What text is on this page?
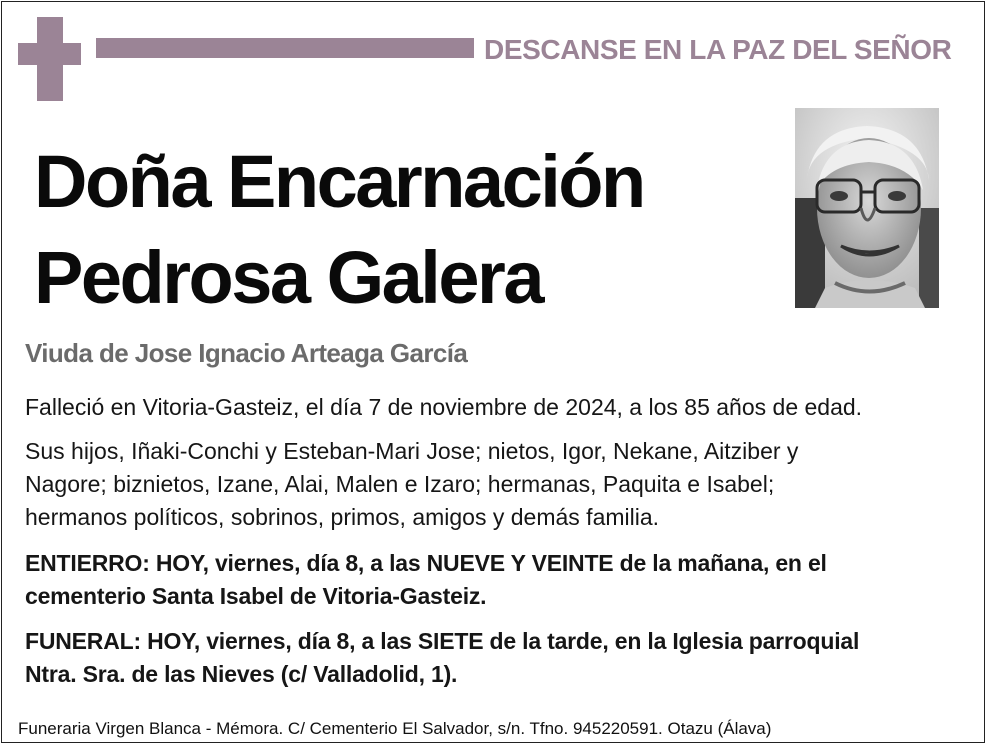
DESCANSE EN LA PAZ DEL SEÑOR
Doña Encarnación
Pedrosa Galera
Viuda de Jose Ignacio Arteaga García
Falleció en Vitoria-Gasteiz, el día 7 de noviembre de 2024, a los 85 años de edad.
Sus hijos, Iñaki-Conchi y Esteban-Mari Jose; nietos, Igor, Nekane, Aitziber y
Nagore; biznietos, Izane, Alai, Malen e Izaro; hermanas, Paquita e Isabel;
hermanos políticos, sobrinos, primos, amigos y demás familia.
ENTIERRO: HOY, viernes, día 8, a las NUEVE Y VEINTE de la mañana, en el
cementerio Santa Isabel de Vitoria-Gasteiz.
FUNERAL: HOY, viernes, día 8, a las SIETE de la tarde, en la Iglesia parroquial
Ntra. Sra. de las Nieves (c/ Valladolid, 1).
Funeraria Virgen Blanca - Mémora. C/ Cementerio El Salvador, s/n. Tfno. 945220591. Otazu (Álava)
